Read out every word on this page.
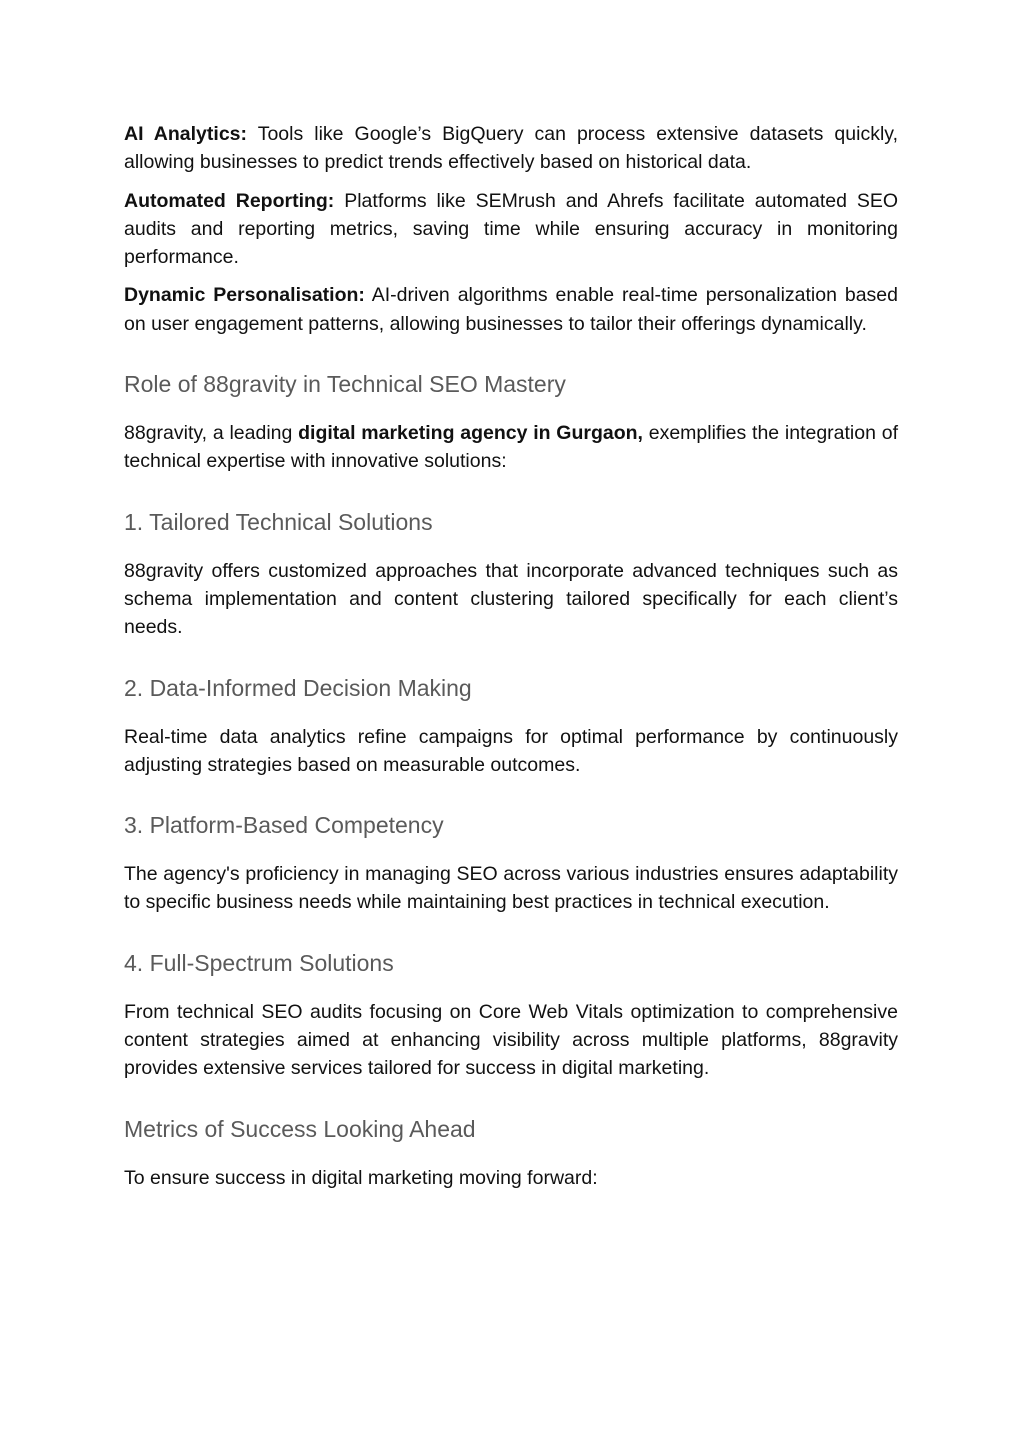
AI Analytics: Tools like Google’s BigQuery can process extensive datasets quickly, allowing businesses to predict trends effectively based on historical data.

Automated Reporting: Platforms like SEMrush and Ahrefs facilitate automated SEO audits and reporting metrics, saving time while ensuring accuracy in monitoring performance.

Dynamic Personalisation: AI-driven algorithms enable real-time personalization based on user engagement patterns, allowing businesses to tailor their offerings dynamically.

Role of 88gravity in Technical SEO Mastery

88gravity, a leading digital marketing agency in Gurgaon, exemplifies the integration of technical expertise with innovative solutions:

1. Tailored Technical Solutions

88gravity offers customized approaches that incorporate advanced techniques such as schema implementation and content clustering tailored specifically for each client’s needs.

2. Data-Informed Decision Making

Real-time data analytics refine campaigns for optimal performance by continuously adjusting strategies based on measurable outcomes.

3. Platform-Based Competency

The agency's proficiency in managing SEO across various industries ensures adaptability to specific business needs while maintaining best practices in technical execution.

4. Full-Spectrum Solutions

From technical SEO audits focusing on Core Web Vitals optimization to comprehensive content strategies aimed at enhancing visibility across multiple platforms, 88gravity provides extensive services tailored for success in digital marketing.

Metrics of Success Looking Ahead

To ensure success in digital marketing moving forward:
